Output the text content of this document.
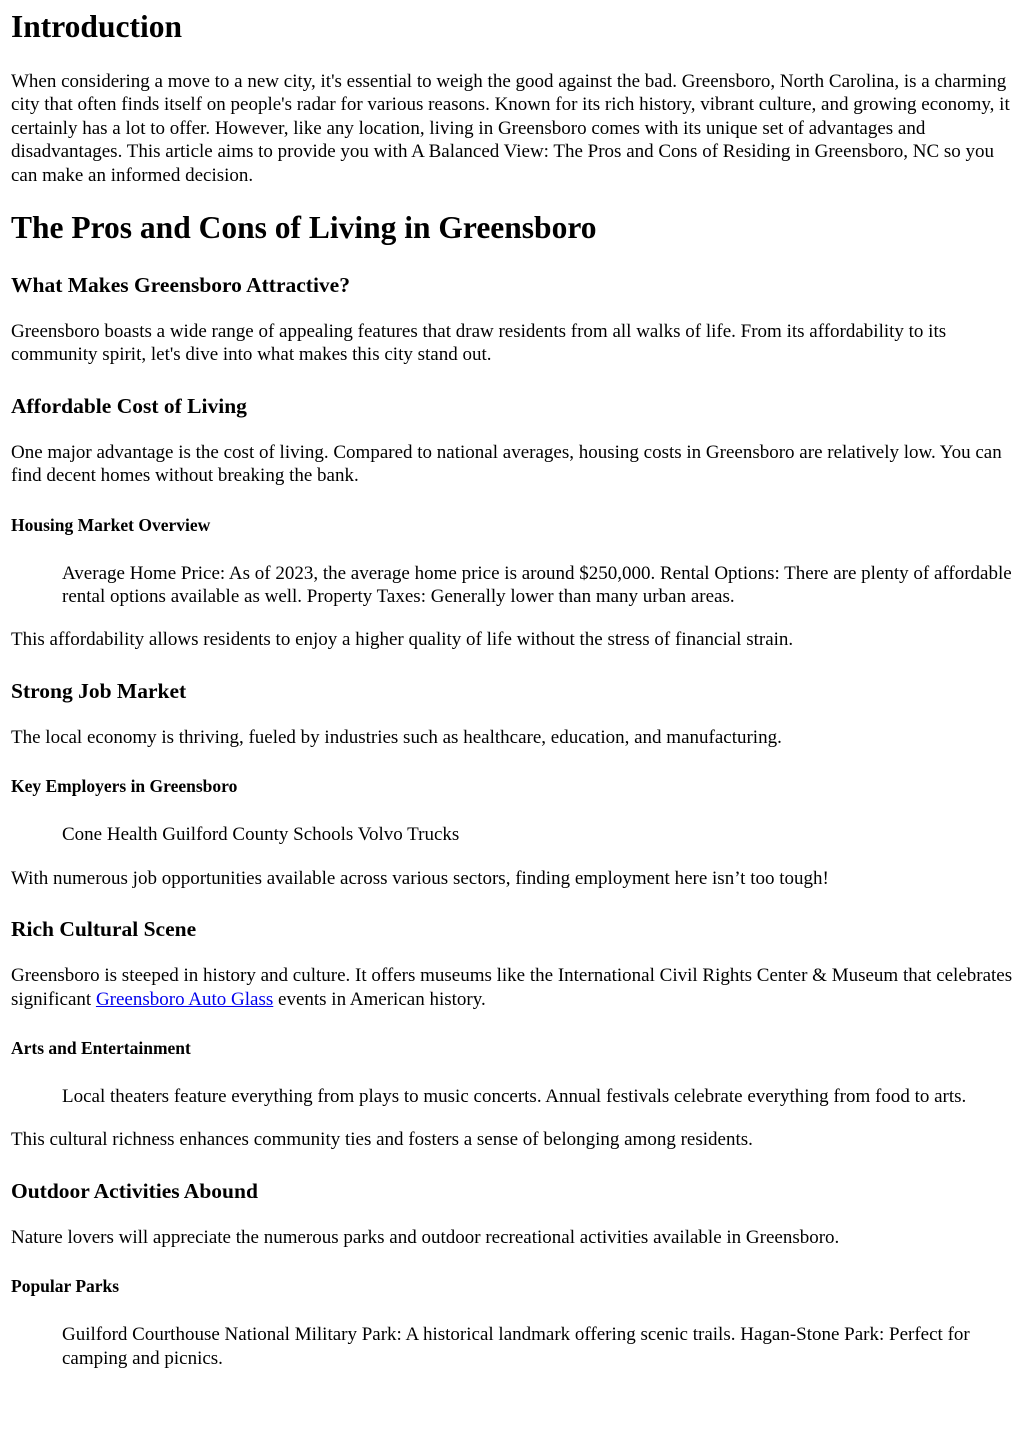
Introduction

When considering a move to a new city, it's essential to weigh the good against the bad. Greensboro, North Carolina, is a charming city that often finds itself on people's radar for various reasons. Known for its rich history, vibrant culture, and growing economy, it certainly has a lot to offer. However, like any location, living in Greensboro comes with its unique set of advantages and disadvantages. This article aims to provide you with A Balanced View: The Pros and Cons of Residing in Greensboro, NC so you can make an informed decision.

The Pros and Cons of Living in Greensboro
What Makes Greensboro Attractive?

Greensboro boasts a wide range of appealing features that draw residents from all walks of life. From its affordability to its community spirit, let's dive into what makes this city stand out.

Affordable Cost of Living

One major advantage is the cost of living. Compared to national averages, housing costs in Greensboro are relatively low. You can find decent homes without breaking the bank.

Housing Market Overview
Average Home Price: As of 2023, the average home price is around $250,000. Rental Options: There are plenty of affordable rental options available as well. Property Taxes: Generally lower than many urban areas.

This affordability allows residents to enjoy a higher quality of life without the stress of financial strain.

Strong Job Market

The local economy is thriving, fueled by industries such as healthcare, education, and manufacturing.

Key Employers in Greensboro
Cone Health Guilford County Schools Volvo Trucks

With numerous job opportunities available across various sectors, finding employment here isn’t too tough!

Rich Cultural Scene

Greensboro is steeped in history and culture. It offers museums like the International Civil Rights Center & Museum that celebrates significant Greensboro Auto Glass events in American history.

Arts and Entertainment
Local theaters feature everything from plays to music concerts. Annual festivals celebrate everything from food to arts.

This cultural richness enhances community ties and fosters a sense of belonging among residents.

Outdoor Activities Abound

Nature lovers will appreciate the numerous parks and outdoor recreational activities available in Greensboro.

Popular Parks
Guilford Courthouse National Military Park: A historical landmark offering scenic trails. Hagan-Stone Park: Perfect for camping and picnics.
